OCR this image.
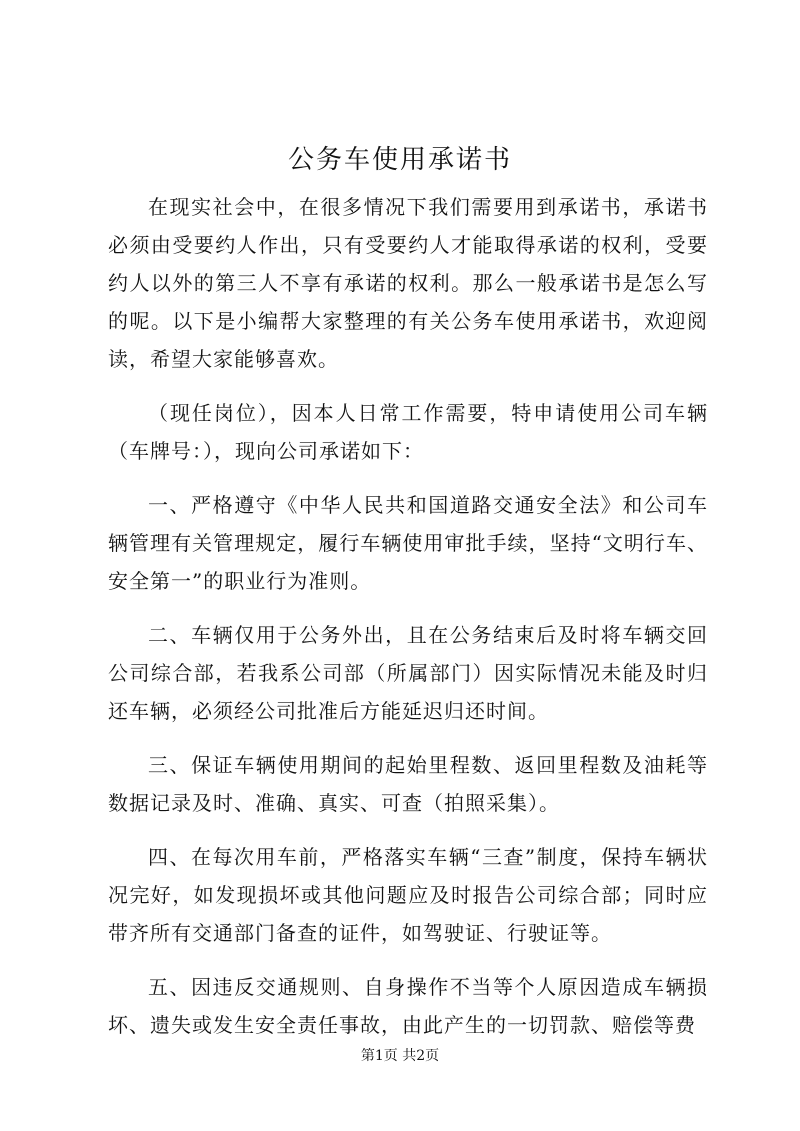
公务车使用承诺书

在现实社会中，在很多情况下我们需要用到承诺书，承诺书必须由受要约人作出，只有受要约人才能取得承诺的权利，受要约人以外的第三人不享有承诺的权利。那么一般承诺书是怎么写的呢。以下是小编帮大家整理的有关公务车使用承诺书，欢迎阅读，希望大家能够喜欢。

（现任岗位），因本人日常工作需要，特申请使用公司车辆（车牌号：），现向公司承诺如下：

一、严格遵守《中华人民共和国道路交通安全法》和公司车辆管理有关管理规定，履行车辆使用审批手续，坚持“文明行车、安全第一”的职业行为准则。

二、车辆仅用于公务外出，且在公务结束后及时将车辆交回公司综合部，若我系公司部（所属部门）因实际情况未能及时归还车辆，必须经公司批准后方能延迟归还时间。

三、保证车辆使用期间的起始里程数、返回里程数及油耗等数据记录及时、准确、真实、可查（拍照采集）。

四、在每次用车前，严格落实车辆“三查”制度，保持车辆状况完好，如发现损坏或其他问题应及时报告公司综合部；同时应带齐所有交通部门备查的证件，如驾驶证、行驶证等。

五、因违反交通规则、自身操作不当等个人原因造成车辆损坏、遗失或发生安全责任事故，由此产生的一切罚款、赔偿等费

第1页 共2页
